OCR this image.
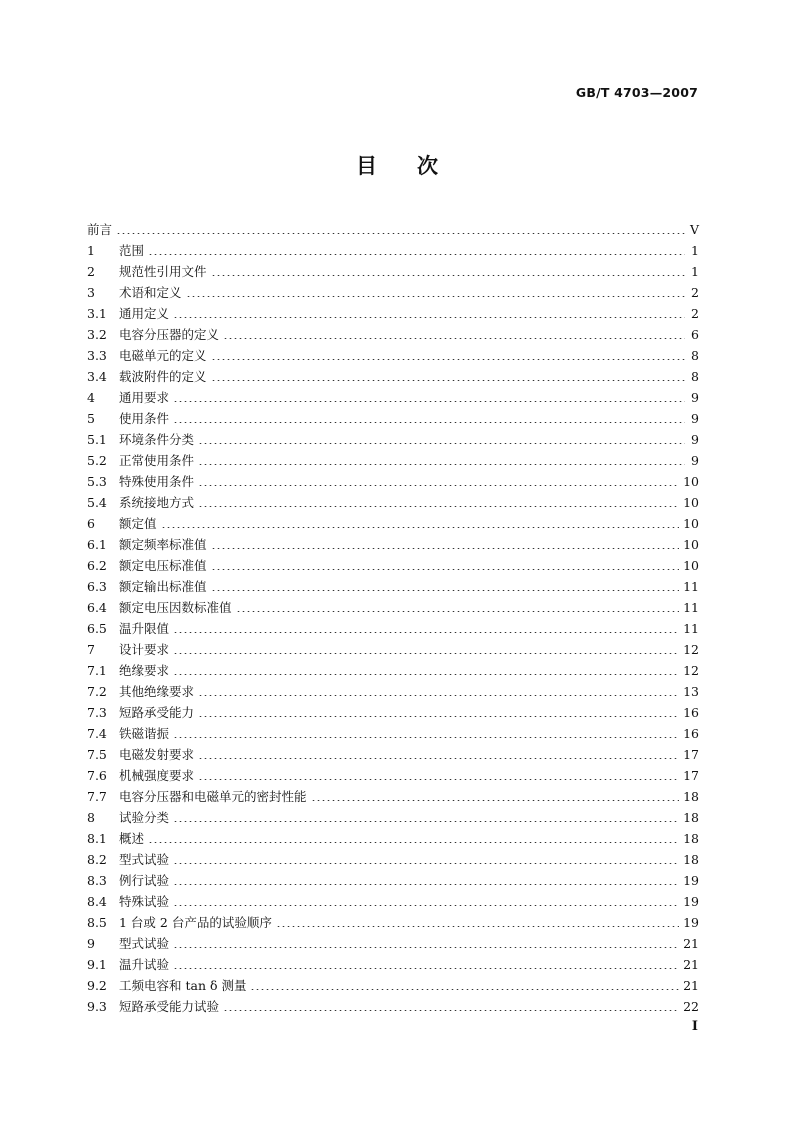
GB/T 4703—2007
目 次
前言	V
1	范围	1
2	规范性引用文件	1
3	术语和定义	2
3.1 通用定义	2
3.2 电容分压器的定义	6
3.3 电磁单元的定义	8
3.4 载波附件的定义	8
4	通用要求	9
5	使用条件	9
5.1 环境条件分类	9
5.2 正常使用条件	9
5.3 特殊使用条件	10
5.4 系统接地方式	10
6	额定值	10
6.1 额定频率标准值	10
6.2 额定电压标准值	10
6.3 额定输出标准值	11
6.4 额定电压因数标准值	11
6.5 温升限值	11
7	设计要求	12
7.1 绝缘要求	12
7.2 其他绝缘要求	13
7.3 短路承受能力	16
7.4 铁磁谐振	16
7.5 电磁发射要求	17
7.6 机械强度要求	17
7.7 电容分压器和电磁单元的密封性能	18
8	试验分类	18
8.1 概述	18
8.2 型式试验	18
8.3 例行试验	19
8.4 特殊试验	19
8.5 1 台或 2 台产品的试验顺序	19
9	型式试验	21
9.1 温升试验	21
9.2 工频电容和 tan δ 测量	21
9.3 短路承受能力试验	22
I
